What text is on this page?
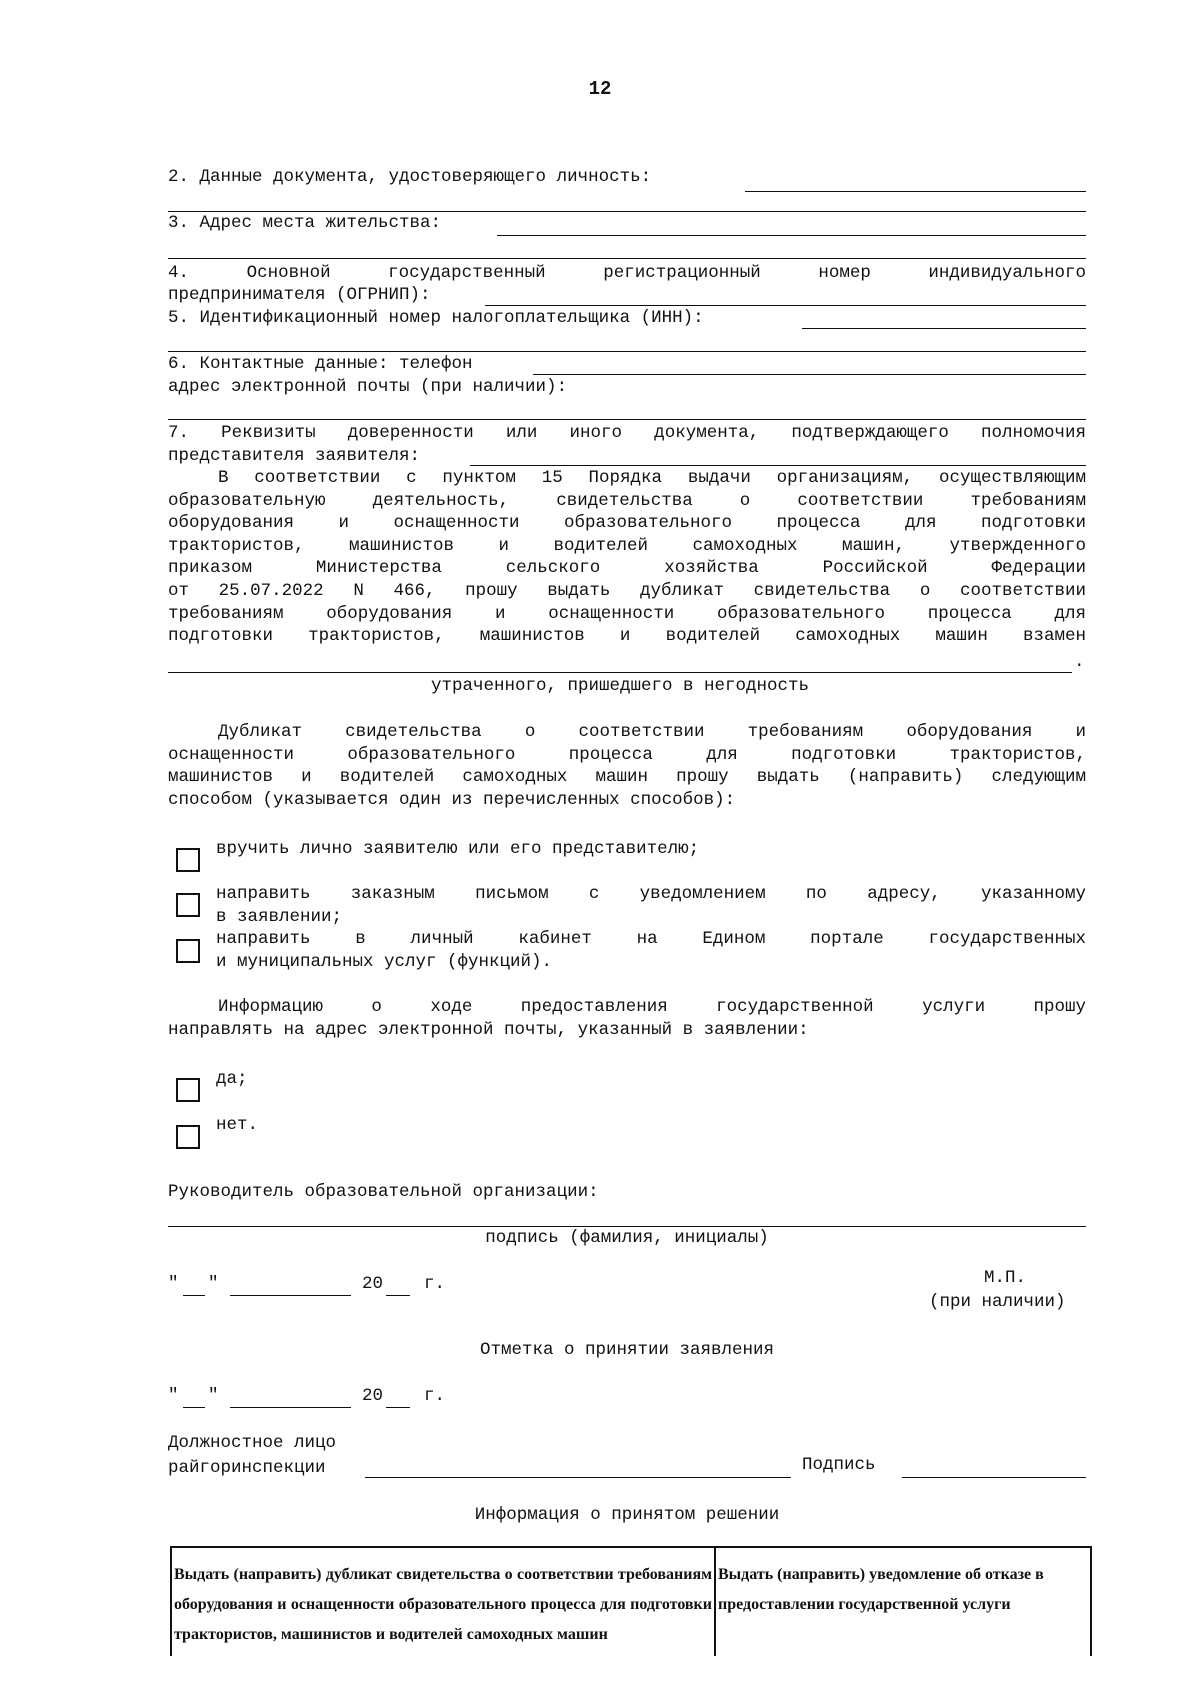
12
2. Данные документа, удостоверяющего личность:
3. Адрес места жительства:
4.	Основной	государственный	регистрационный	номер	индивидуального
предпринимателя (ОГРНИП):
5. Идентификационный номер налогоплательщика (ИНН):
6. Контактные данные: телефон
адрес электронной почты (при наличии):
7. Реквизиты доверенности или иного документа, подтверждающего полномочия
представителя заявителя:
В соответствии с пунктом 15 Порядка выдачи организациям, осуществляющим
образовательную деятельность, свидетельства о соответствии требованиям
оборудования и оснащенности образовательного процесса для подготовки
трактористов, машинистов и водителей самоходных машин, утвержденного
приказом Министерства сельского хозяйства Российской Федерации
от 25.07.2022 N 466, прошу выдать дубликат свидетельства о соответствии
требованиям оборудования и оснащенности образовательного процесса для
подготовки трактористов, машинистов и водителей самоходных машин взамен
.
утраченного, пришедшего в негодность
Дубликат свидетельства о соответствии требованиям оборудования и
оснащенности образовательного процесса для подготовки трактористов,
машинистов и водителей самоходных машин прошу выдать (направить) следующим
способом (указывается один из перечисленных способов):
вручить лично заявителю или его представителю;
направить заказным письмом с уведомлением по адресу, указанному
в заявлении;
направить в личный кабинет на Едином портале государственных
и муниципальных услуг (функций).
Информацию о ходе предоставления государственной услуги прошу
направлять на адрес электронной почты, указанный в заявлении:
да;
нет.
Руководитель образовательной организации:
подпись (фамилия, инициалы)
" "	20 г.	М.П.
(при наличии)
Отметка о принятии заявления
" "	20 г.
Должностное лицо
райгоринспекции	Подпись
Информация о принятом решении
Выдать (направить) дубликат свидетельства о соответствии требованиям оборудования и оснащенности образовательного процесса для подготовки трактористов, машинистов и водителей самоходных машин	Выдать (направить) уведомление об отказе в предоставлении государственной услуги
